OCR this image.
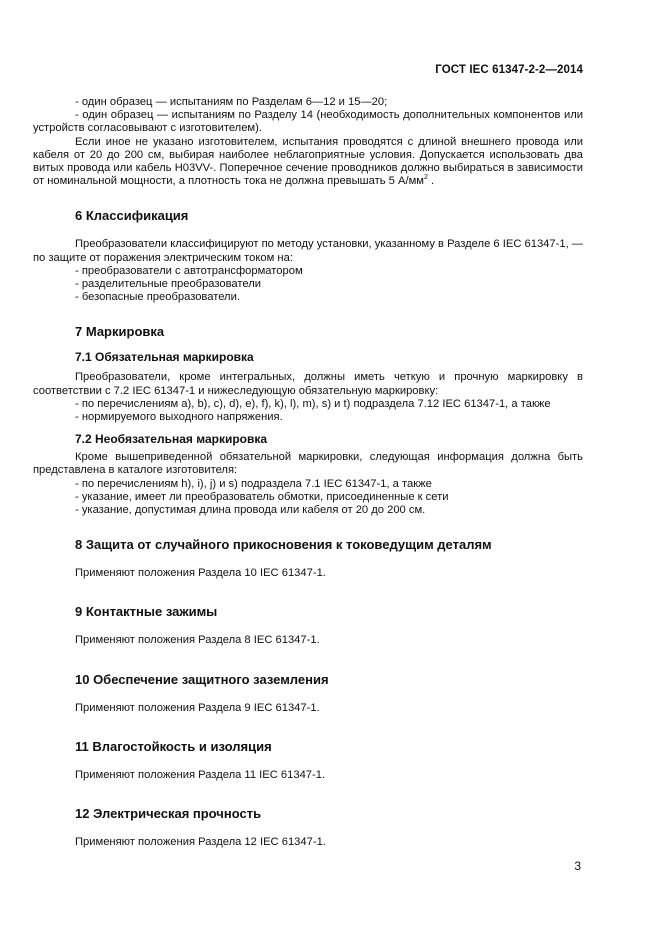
ГОСТ IEC 61347-2-2—2014

- один образец — испытаниям по Разделам 6—12 и 15—20;

- один образец — испытаниям по Разделу 14 (необходимость дополнительных компонентов или устройств согласовывают с изготовителем).

Если иное не указано изготовителем, испытания проводятся с длиной внешнего провода или кабеля от 20 до 200 см, выбирая наиболее неблагоприятные условия. Допускается использовать два витых провода или кабель H03VV-. Поперечное сечение проводников должно выбираться в зависимости от номинальной мощности, а плотность тока не должна превышать 5 $А/мм^2$ .

6 Классификация

Преобразователи классифицируют по методу установки, указанному в Разделе 6 IEC 61347-1, — по защите от поражения электрическим током на:

- преобразователи с автотрансформатором

- разделительные преобразователи

- безопасные преобразователи.

7 Маркировка
7.1 Обязательная маркировка

Преобразователи, кроме интегральных, должны иметь четкую и прочную маркировку в соответствии с 7.2 IEC 61347-1 и нижеследующую обязательную маркировку:

- по перечислениям a), b), c), d), e), f), k), l), m), s) и t) подраздела 7.12 IEC 61347-1, а также

- нормируемого выходного напряжения.

7.2 Необязательная маркировка

Кроме вышеприведенной обязательной маркировки, следующая информация должна быть представлена в каталоге изготовителя:

- по перечислениям h), i), j) и s) подраздела 7.1 IEC 61347-1, а также

- указание, имеет ли преобразователь обмотки, присоединенные к сети

- указание, допустимая длина провода или кабеля от 20 до 200 см.

8 Защита от случайного прикосновения к токоведущим деталям

Применяют положения Раздела 10 IEC 61347-1.

9 Контактные зажимы

Применяют положения Раздела 8 IEC 61347-1.

10 Обеспечение защитного заземления

Применяют положения Раздела 9 IEC 61347-1.

11 Влагостойкость и изоляция

Применяют положения Раздела 11 IEC 61347-1.

12 Электрическая прочность

Применяют положения Раздела 12 IEC 61347-1.

3
